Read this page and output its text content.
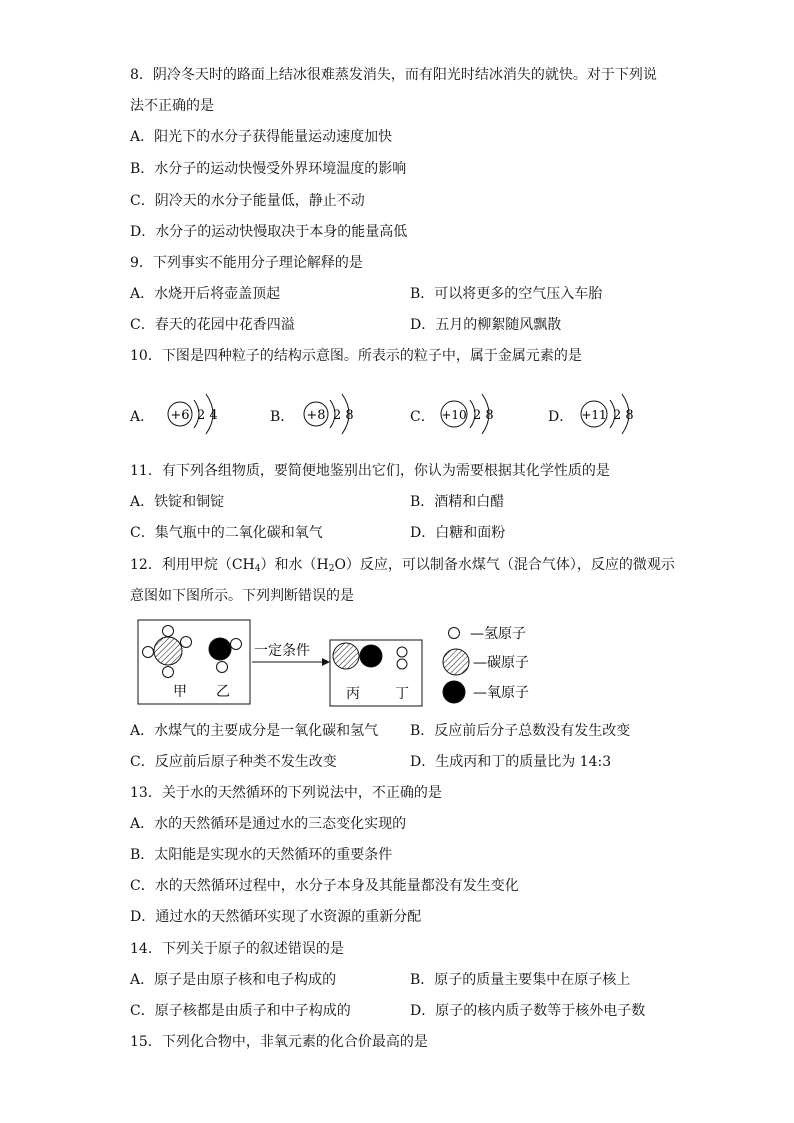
8．阴冷冬天时的路面上结冰很难蒸发消失，而有阳光时结冰消失的就快。对于下列说
法不正确的是
A．阳光下的水分子获得能量运动速度加快
B．水分子的运动快慢受外界环境温度的影响
C．阴冷天的水分子能量低，静止不动
D．水分子的运动快慢取决于本身的能量高低
9．下列事实不能用分子理论解释的是
A．水烧开后将壶盖顶起	B．可以将更多的空气压入车胎
C．春天的花园中花香四溢	D．五月的柳絮随风飘散
10．下图是四种粒子的结构示意图。所表示的粒子中，属于金属元素的是
A． +6 2 4	B． +8 2 8	C． +10 2 8	D． +11 2 8
11．有下列各组物质，要简便地鉴别出它们，你认为需要根据其化学性质的是
A．铁锭和铜锭	B．酒精和白醋
C．集气瓶中的二氧化碳和氧气	D．白糖和面粉
12．利用甲烷$(CH_4)$和水$(H_2O)$反应，可以制备水煤气（混合气体），反应的微观示
意图如下图所示。下列判断错误的是
甲 乙
一定条件
丙	丁
—氢原子
—碳原子
—氧原子
A．水煤气的主要成分是一氧化碳和氢气 B．反应前后分子总数没有发生改变
C．反应前后原子种类不发生改变	D．生成丙和丁的质量比为 14:3
13．关于水的天然循环的下列说法中，不正确的是
A．水的天然循环是通过水的三态变化实现的
B．太阳能是实现水的天然循环的重要条件
C．水的天然循环过程中，水分子本身及其能量都没有发生变化
D．通过水的天然循环实现了水资源的重新分配
14．下列关于原子的叙述错误的是
A．原子是由原子核和电子构成的	B．原子的质量主要集中在原子核上
C．原子核都是由质子和中子构成的	D．原子的核内质子数等于核外电子数
15．下列化合物中，非氧元素的化合价最高的是
